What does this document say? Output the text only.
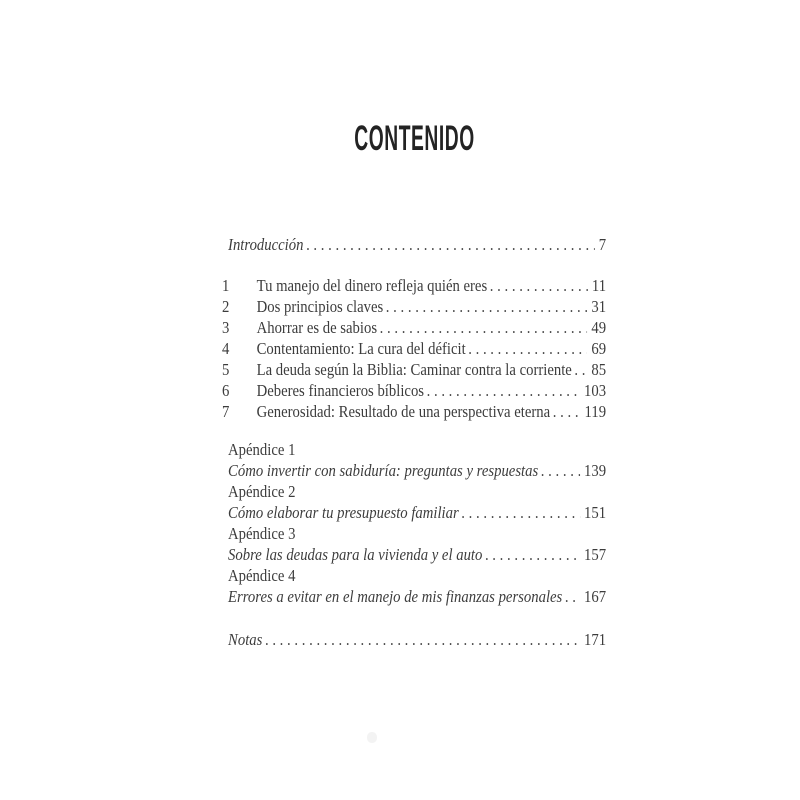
CONTENIDO
Introducción . . .	7
1	Tu manejo del dinero refleja quién eres . . .	11
2	Dos principios claves . . .	31
3	Ahorrar es de sabios . . .	49
4	Contentamiento: La cura del déficit . . .	69
5	La deuda según la Biblia: Caminar contra la corriente . . . 85
6	Deberes financieros bíblicos . . .	103
7	Generosidad: Resultado de una perspectiva eterna . . . 119
Apéndice 1
Cómo invertir con sabiduría: preguntas y respuestas . . .	139
Apéndice 2
Cómo elaborar tu presupuesto familiar . . .	151
Apéndice 3
Sobre las deudas para la vivienda y el auto . . .	157
Apéndice 4
Errores a evitar en el manejo de mis finanzas personales . . . 167
Notas . . .	171
